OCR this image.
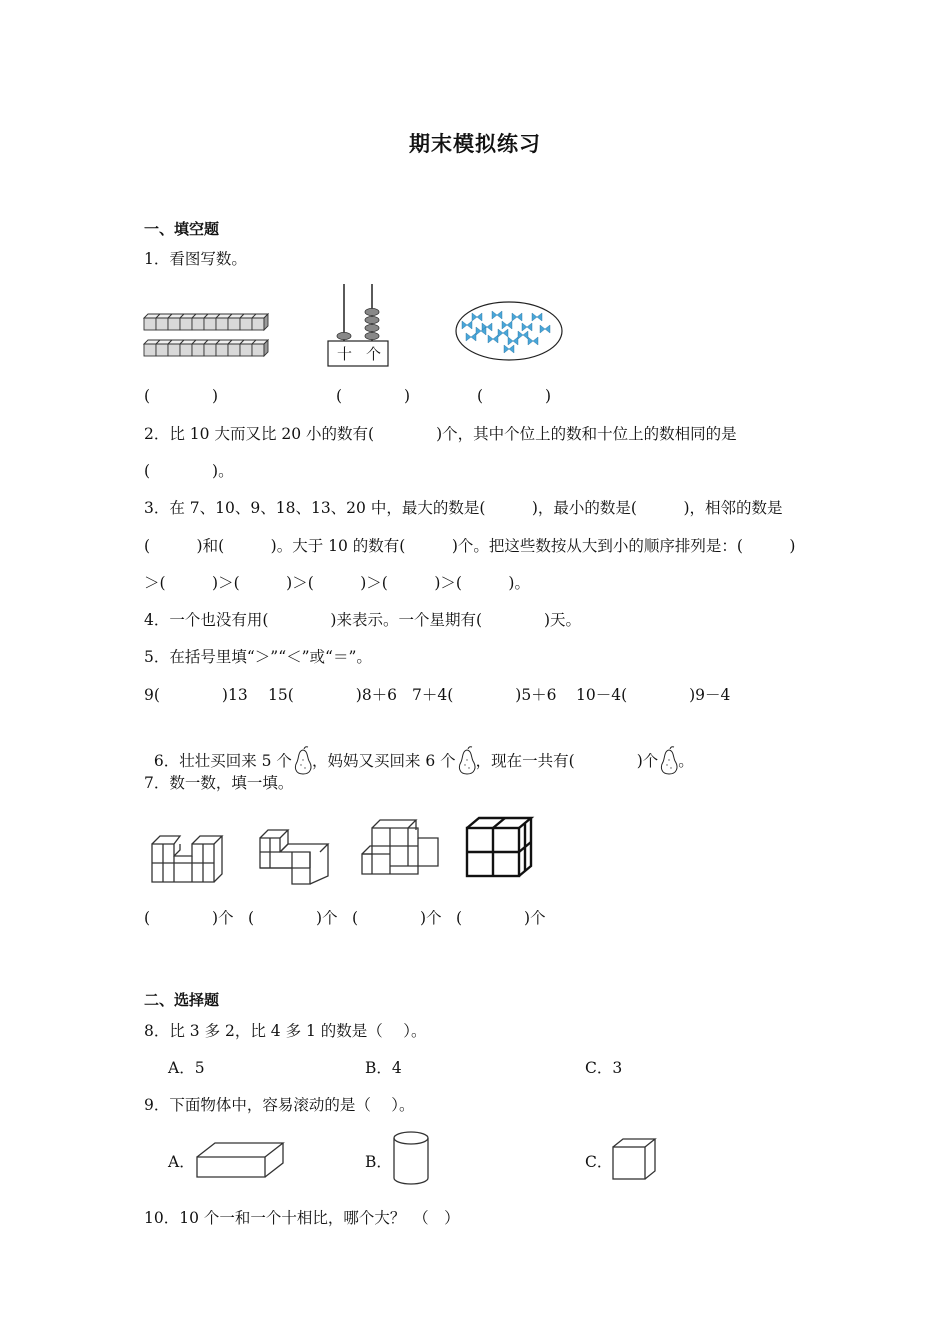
期末模拟练习
一、填空题
1．看图写数。
十 个
(　　　　)	(　　　　)	(　　　　)
2．比 10 大而又比 20 小的数有(　　　　)个，其中个位上的数和十位上的数相同的是
(　　　　)。
3．在 7、10、9、18、13、20 中，最大的数是(　　　)，最小的数是(　　　)，相邻的数是
(　　　)和(　　　)。大于 10 的数有(　　　)个。把这些数按从大到小的顺序排列是：(　　　)
＞(　　　)＞(　　　)＞(　　　)＞(　　　)＞(　　　)。
4．一个也没有用(　　　　)来表示。一个星期有(　　　　)天。
5．在括号里填“＞”“＜”或“＝”。
9(　　　　)13 15(　　　　)8＋6 7＋4(　　　　)5＋6 10－4(　　　　)9－4

6．壮壮买回来 5 个 ，妈妈又买回来 6 个 ，现在一共有(　　　　)个 。

7．数一数，填一填。
(　　　　)个 (　　　　)个 (　　　　)个 (　　　　)个
二、选择题
8．比 3 多 2，比 4 多 1 的数是（　 ）。
A．5	B．4	C．3
9．下面物体中，容易滚动的是（　 ）。
A．	B．	C．
10．10 个一和一个十相比，哪个大？　（　）
